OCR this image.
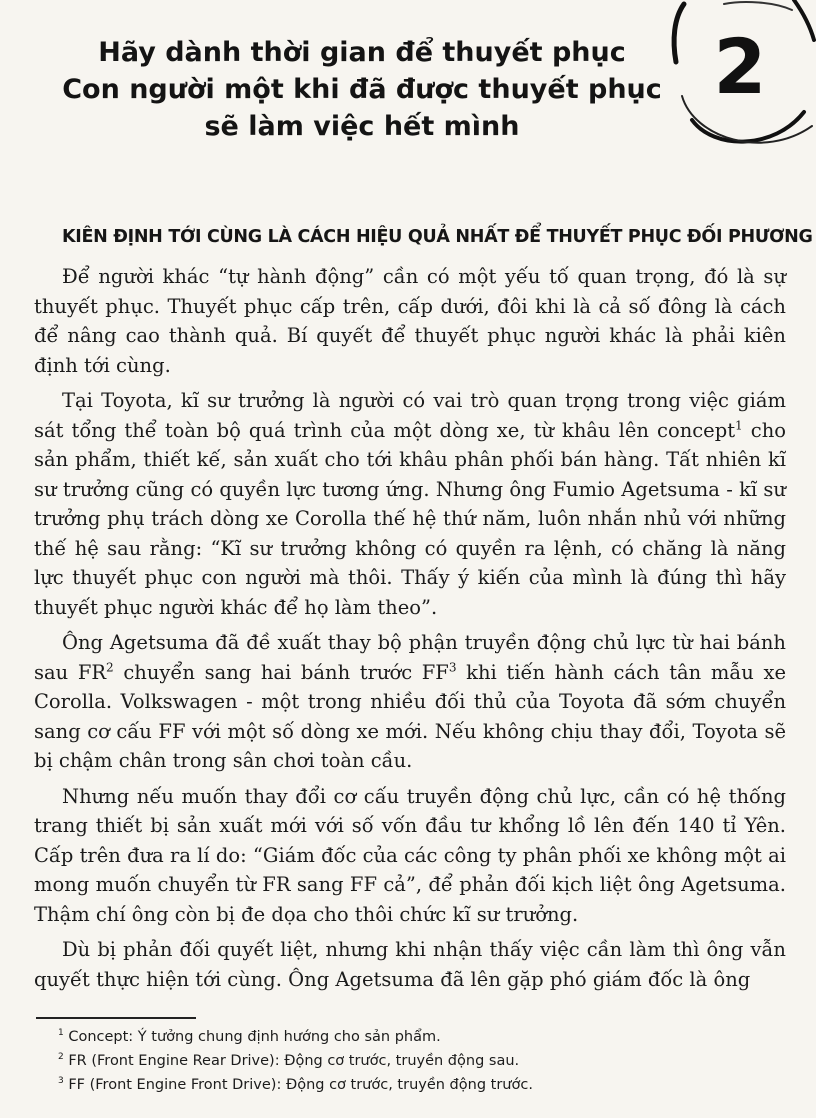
Hãy dành thời gian để thuyết phục
Con người một khi đã được thuyết phục
sẽ làm việc hết mình
2
KIÊN ĐỊNH TỚI CÙNG LÀ CÁCH HIỆU QUẢ NHẤT ĐỂ THUYẾT PHỤC ĐỐI PHƯƠNG

Để người khác “tự hành động” cần có một yếu tố quan trọng, đó là sự thuyết phục. Thuyết phục cấp trên, cấp dưới, đôi khi là cả số đông là cách để nâng cao thành quả. Bí quyết để thuyết phục người khác là phải kiên định tới cùng.

Tại Toyota, kĩ sư trưởng là người có vai trò quan trọng trong việc giám sát tổng thể toàn bộ quá trình của một dòng xe, từ khâu lên concept$^1$ cho sản phẩm, thiết kế, sản xuất cho tới khâu phân phối bán hàng. Tất nhiên kĩ sư trưởng cũng có quyền lực tương ứng. Nhưng ông Fumio Agetsuma - kĩ sư trưởng phụ trách dòng xe Corolla thế hệ thứ năm, luôn nhắn nhủ với những thế hệ sau rằng: “Kĩ sư trưởng không có quyền ra lệnh, có chăng là năng lực thuyết phục con người mà thôi. Thấy ý kiến của mình là đúng thì hãy thuyết phục người khác để họ làm theo”.

Ông Agetsuma đã đề xuất thay bộ phận truyền động chủ lực từ hai bánh sau $FR^2$ chuyển sang hai bánh trước $FF^3$ khi tiến hành cách tân mẫu xe Corolla. Volkswagen - một trong nhiều đối thủ của Toyota đã sớm chuyển sang cơ cấu FF với một số dòng xe mới. Nếu không chịu thay đổi, Toyota sẽ bị chậm chân trong sân chơi toàn cầu.

Nhưng nếu muốn thay đổi cơ cấu truyền động chủ lực, cần có hệ thống trang thiết bị sản xuất mới với số vốn đầu tư khổng lồ lên đến 140 tỉ Yên. Cấp trên đưa ra lí do: “Giám đốc của các công ty phân phối xe không một ai mong muốn chuyển từ FR sang FF cả”, để phản đối kịch liệt ông Agetsuma. Thậm chí ông còn bị đe dọa cho thôi chức kĩ sư trưởng.

Dù bị phản đối quyết liệt, nhưng khi nhận thấy việc cần làm thì ông vẫn quyết thực hiện tới cùng. Ông Agetsuma đã lên gặp phó giám đốc là ông

$^1$ Concept: Ý tưởng chung định hướng cho sản phẩm.
$^2$ FR (Front Engine Rear Drive): Động cơ trước, truyền động sau.
$^3$ FF (Front Engine Front Drive): Động cơ trước, truyền động trước.
